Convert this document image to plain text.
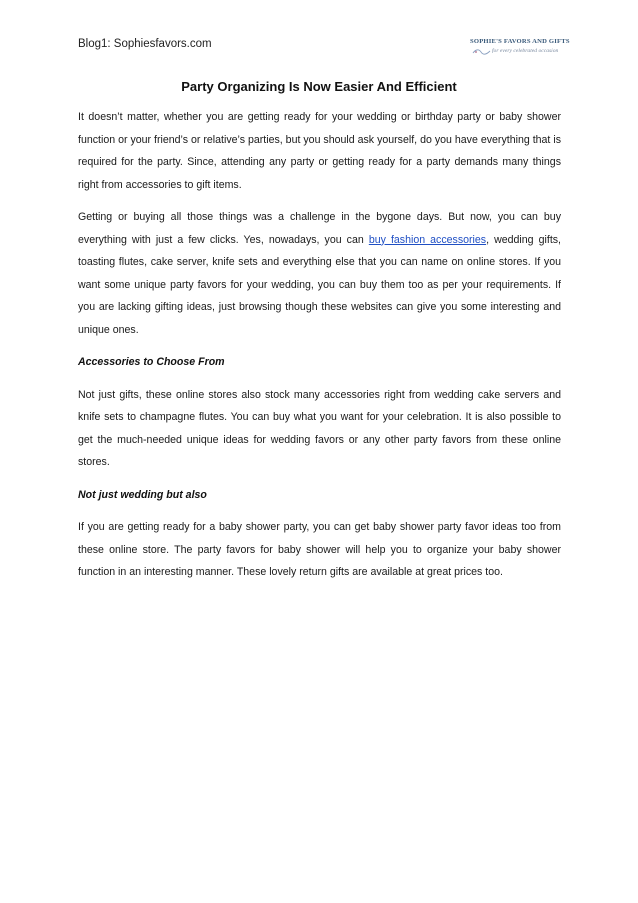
Blog1: Sophiesfavors.com	SOPHIE'S FAVORS AND GIFTS
for every celebrated occasion
Party Organizing Is Now Easier And Efficient

It doesn’t matter, whether you are getting ready for your wedding or birthday party or baby shower function or your friend’s or relative’s parties, but you should ask yourself, do you have everything that is required for the party. Since, attending any party or getting ready for a party demands many things right from accessories to gift items.

Getting or buying all those things was a challenge in the bygone days. But now, you can buy everything with just a few clicks. Yes, nowadays, you can buy fashion accessories, wedding gifts, toasting flutes, cake server, knife sets and everything else that you can name on online stores. If you want some unique party favors for your wedding, you can buy them too as per your requirements. If you are lacking gifting ideas, just browsing though these websites can give you some interesting and unique ones.

Accessories to Choose From

Not just gifts, these online stores also stock many accessories right from wedding cake servers and knife sets to champagne flutes. You can buy what you want for your celebration. It is also possible to get the much-needed unique ideas for wedding favors or any other party favors from these online stores.

Not just wedding but also

If you are getting ready for a baby shower party, you can get baby shower party favor ideas too from these online store. The party favors for baby shower will help you to organize your baby shower function in an interesting manner. These lovely return gifts are available at great prices too.
